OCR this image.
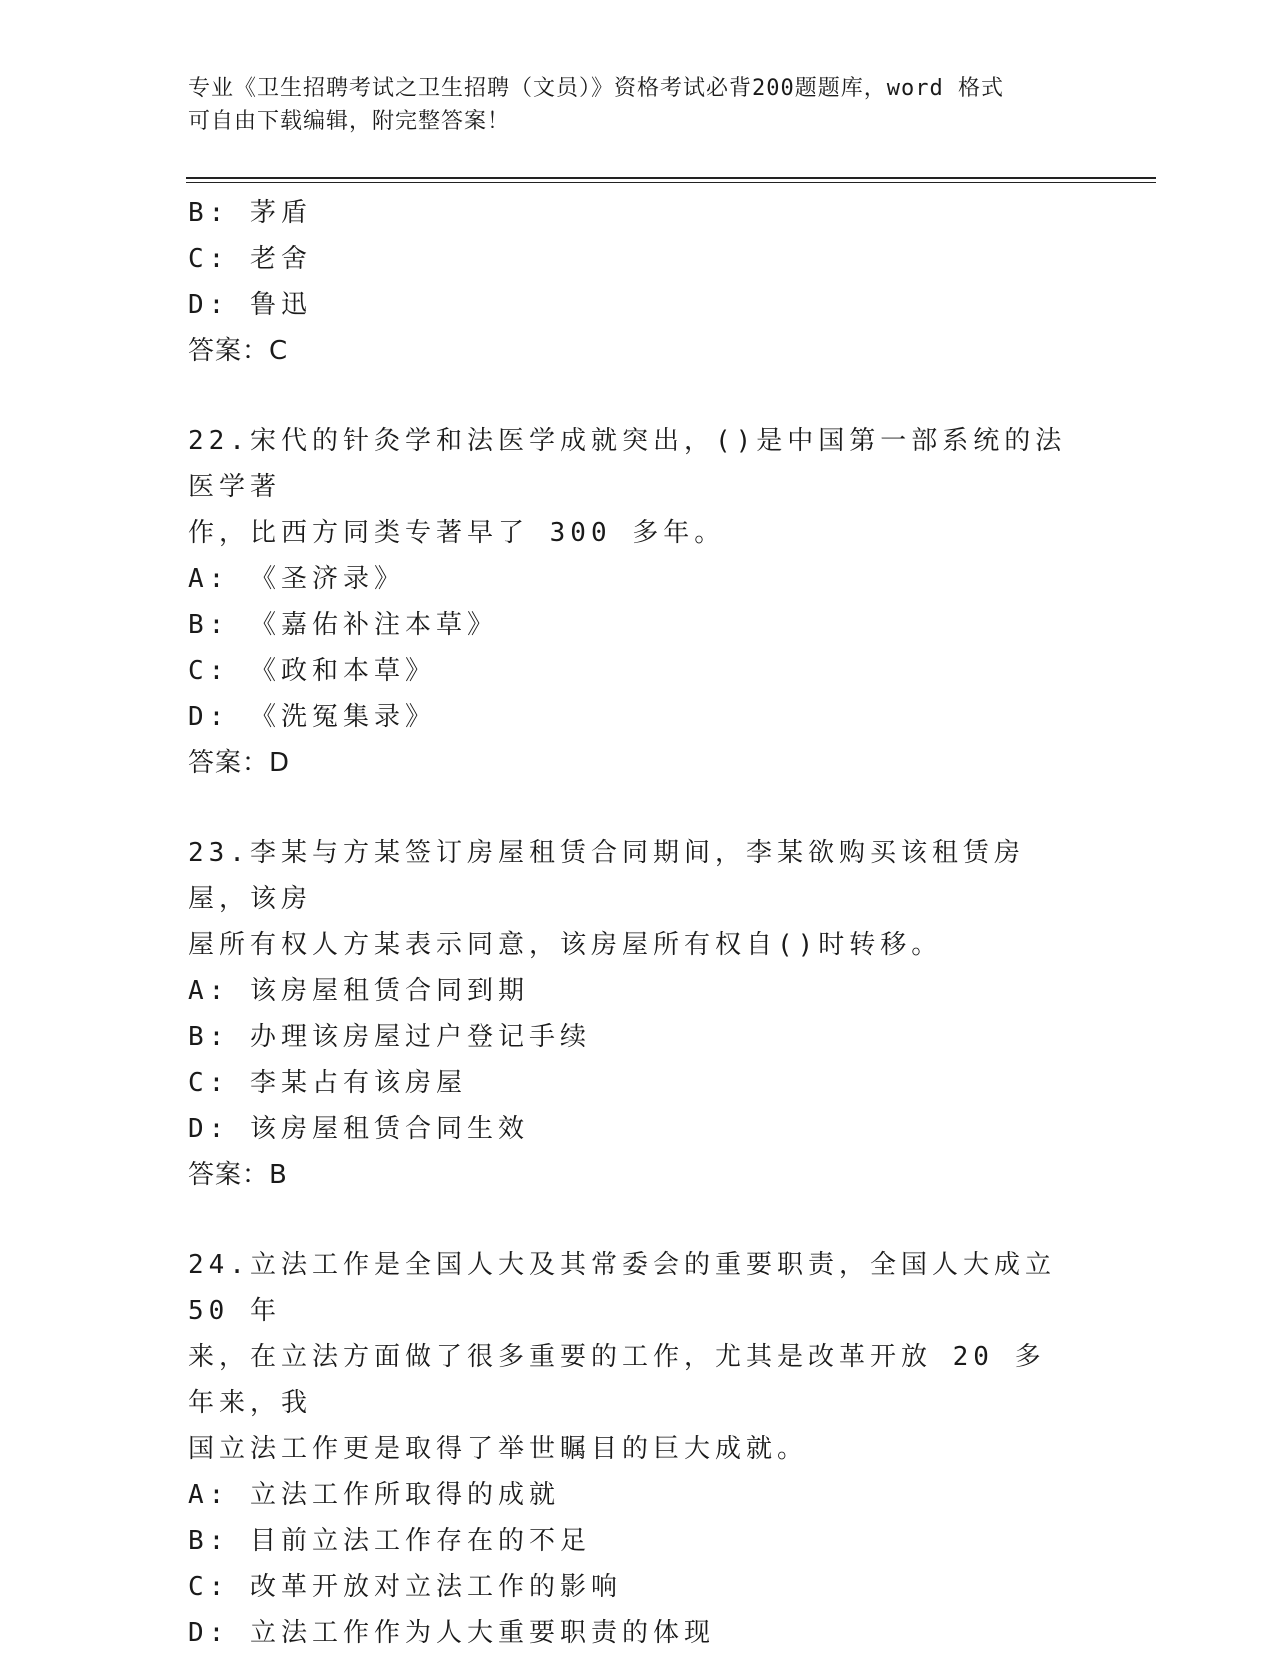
专业《卫生招聘考试之卫生招聘（文员）》资格考试必背200题题库，word 格式
可自由下载编辑，附完整答案！
B: 茅盾
C: 老舍
D: 鲁迅
答案：C
22.宋代的针灸学和法医学成就突出，()是中国第一部系统的法医学著
作，比西方同类专著早了 300 多年。
A: 《圣济录》
B: 《嘉佑补注本草》
C: 《政和本草》
D: 《洗冤集录》
答案：D
23.李某与方某签订房屋租赁合同期间，李某欲购买该租赁房屋，该房
屋所有权人方某表示同意，该房屋所有权自()时转移。
A: 该房屋租赁合同到期
B: 办理该房屋过户登记手续
C: 李某占有该房屋
D: 该房屋租赁合同生效
答案：B
24.立法工作是全国人大及其常委会的重要职责，全国人大成立 50 年
来，在立法方面做了很多重要的工作，尤其是改革开放 20 多年来，我
国立法工作更是取得了举世瞩目的巨大成就。
A: 立法工作所取得的成就
B: 目前立法工作存在的不足
C: 改革开放对立法工作的影响
D: 立法工作作为人大重要职责的体现
